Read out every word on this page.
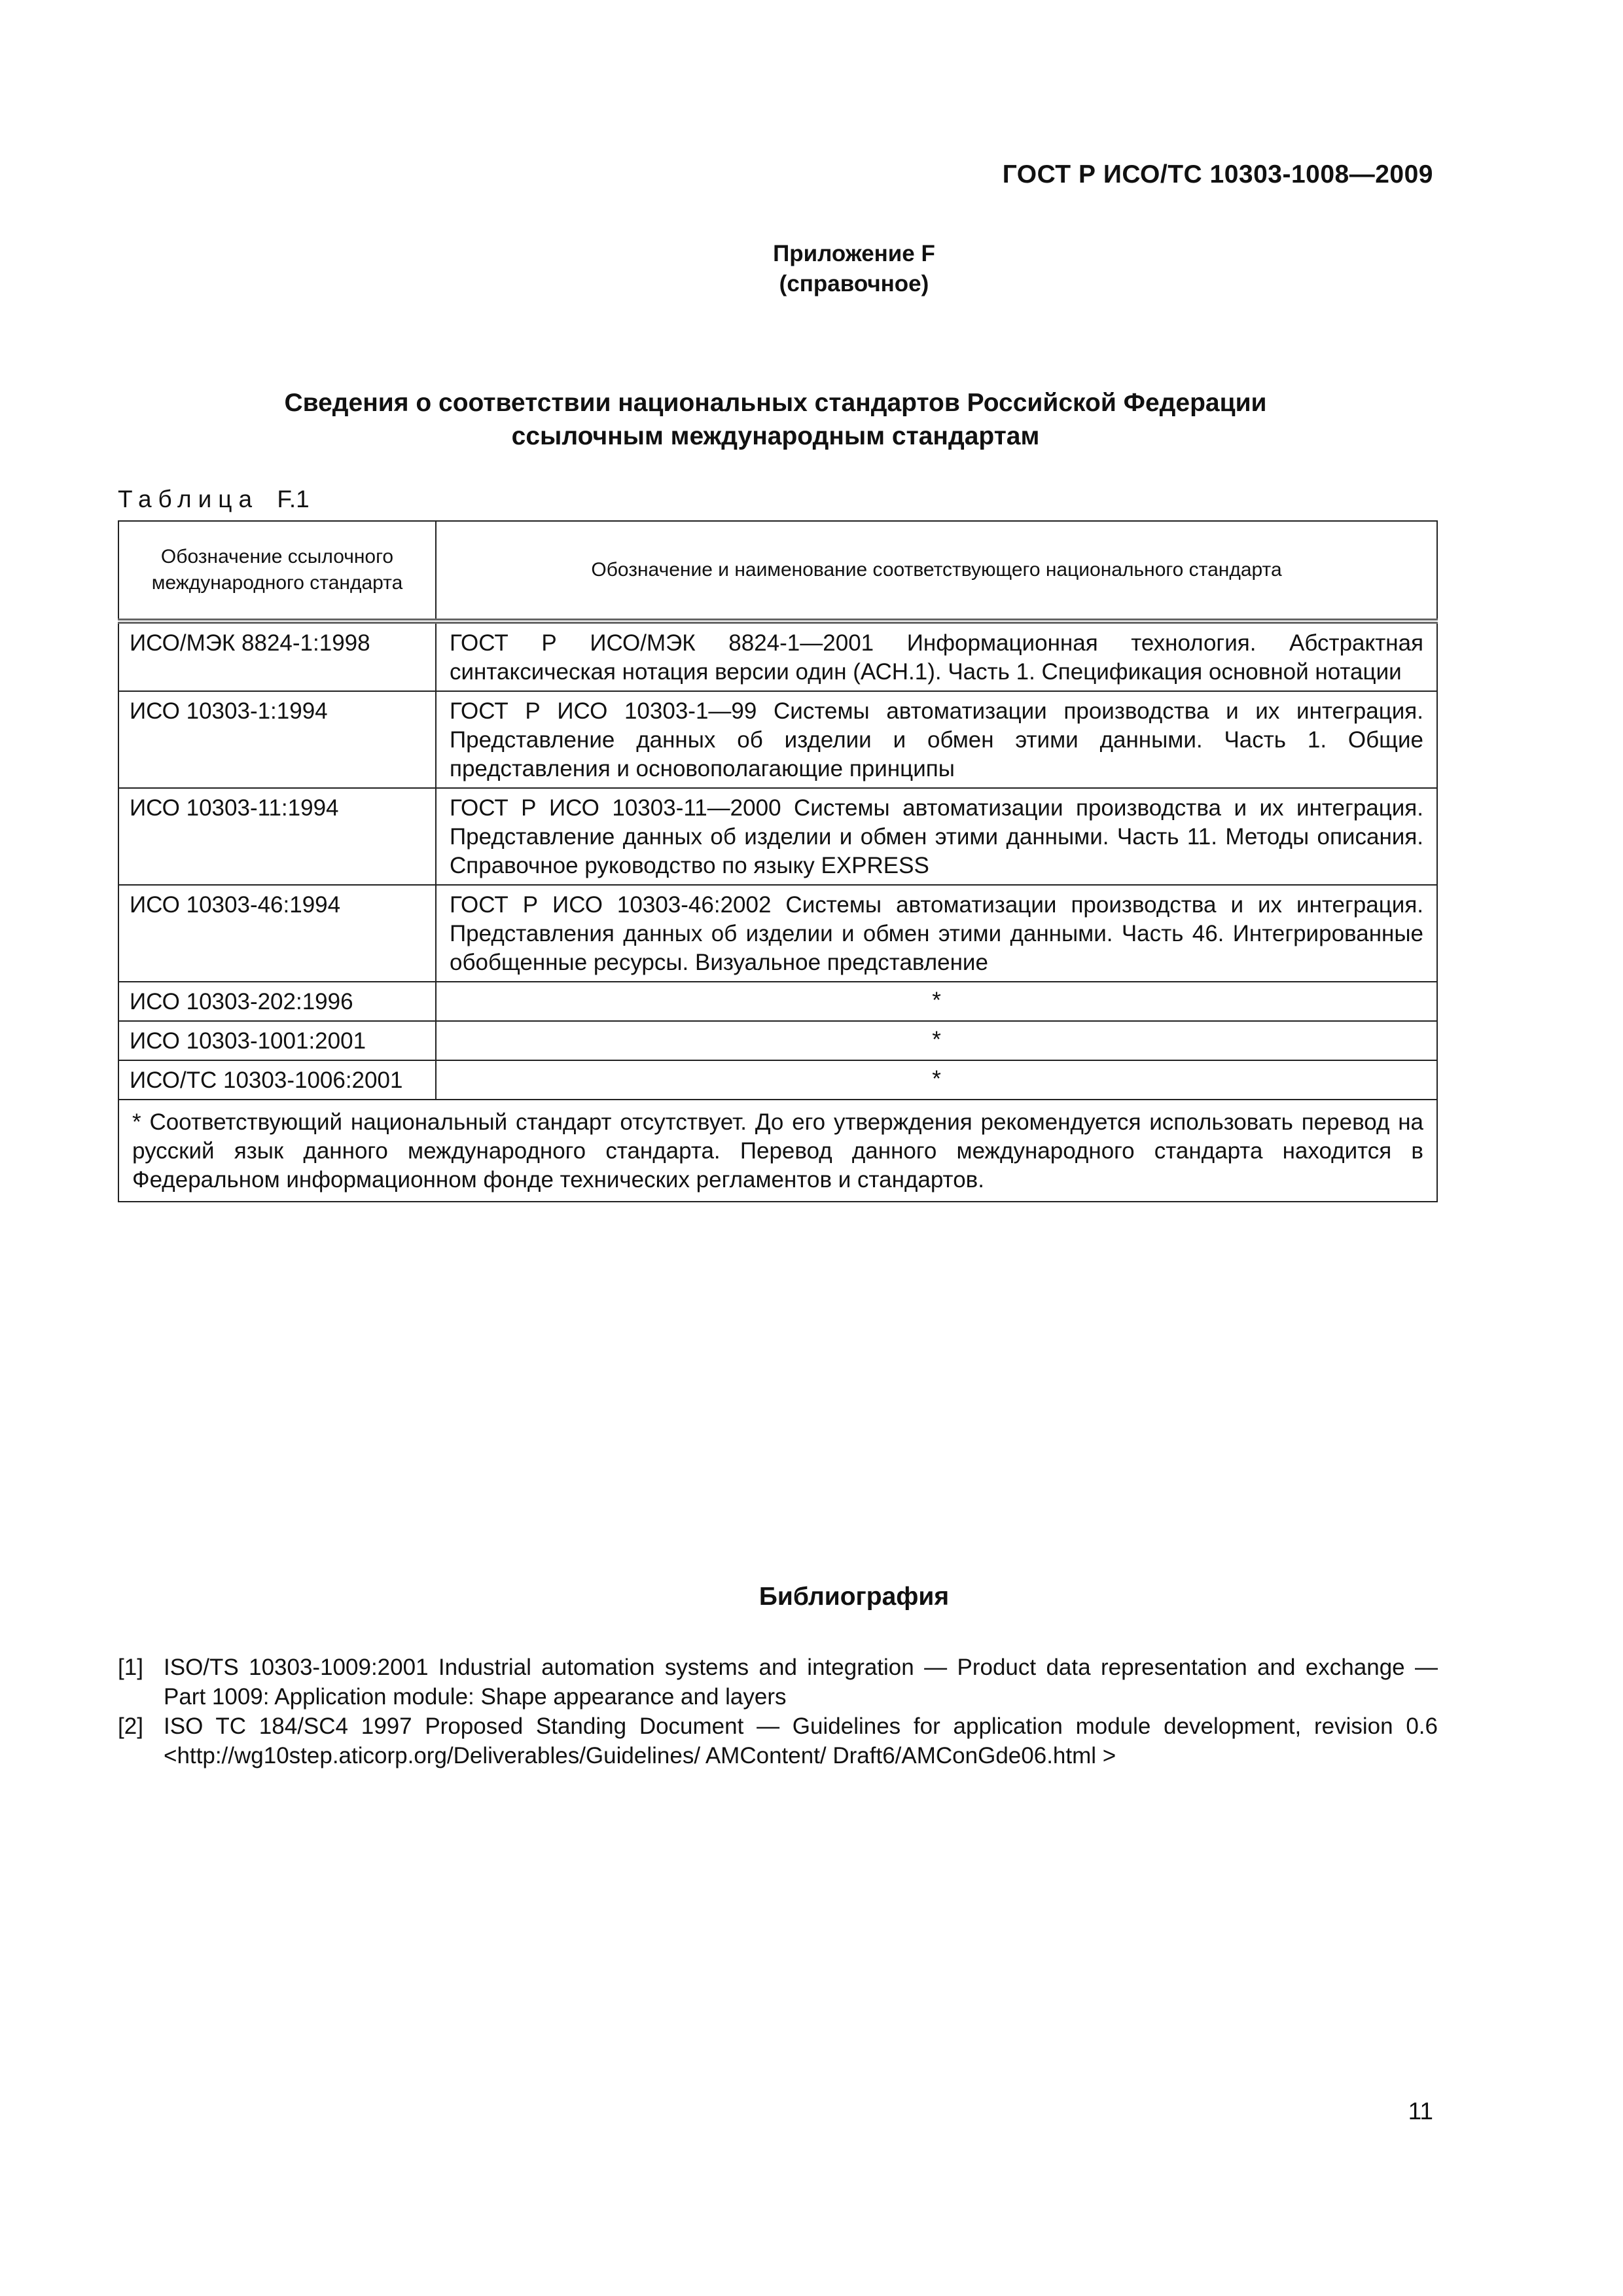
ГОСТ Р ИСО/ТС 10303-1008—2009
Приложение F
(справочное)
Сведения о соответствии национальных стандартов Российской Федерации
ссылочным международным стандартам
Таблица F.1
Обозначение ссылочного международного стандарта	Обозначение и наименование соответствующего национального стандарта
ИСО/МЭК 8824-1:1998	ГОСТ Р ИСО/МЭК 8824-1—2001 Информационная технология. Абстрактная синтаксическая нотация версии один (АСН.1). Часть 1. Спецификация основной нотации
ИСО 10303-1:1994	ГОСТ Р ИСО 10303-1—99 Системы автоматизации производства и их интеграция. Представление данных об изделии и обмен этими данными. Часть 1. Общие представления и основополагающие принципы
ИСО 10303-11:1994	ГОСТ Р ИСО 10303-11—2000 Системы автоматизации производства и их интеграция. Представление данных об изделии и обмен этими данными. Часть 11. Методы описания. Справочное руководство по языку EXPRESS
ИСО 10303-46:1994	ГОСТ Р ИСО 10303-46:2002 Системы автоматизации производства и их интеграция. Представления данных об изделии и обмен этими данными. Часть 46. Интегрированные обобщенные ресурсы. Визуальное представление
ИСО 10303-202:1996	*
ИСО 10303-1001:2001	*
ИСО/ТС 10303-1006:2001	*
* Соответствующий национальный стандарт отсутствует. До его утверждения рекомендуется использовать перевод на русский язык данного международного стандарта. Перевод данного международного стандарта находится в Федеральном информационном фонде технических регламентов и стандартов.	
Библиография
[1] ISO/TS 10303-1009:2001 Industrial automation systems and integration — Product data representation and exchange — Part 1009: Application module: Shape appearance and layers
[2] ISO TC 184/SC4 1997 Proposed Standing Document — Guidelines for application module development, revision 0.6 <http://wg10step.aticorp.org/Deliverables/Guidelines/ AMContent/ Draft6/AMConGde06.html >
11
